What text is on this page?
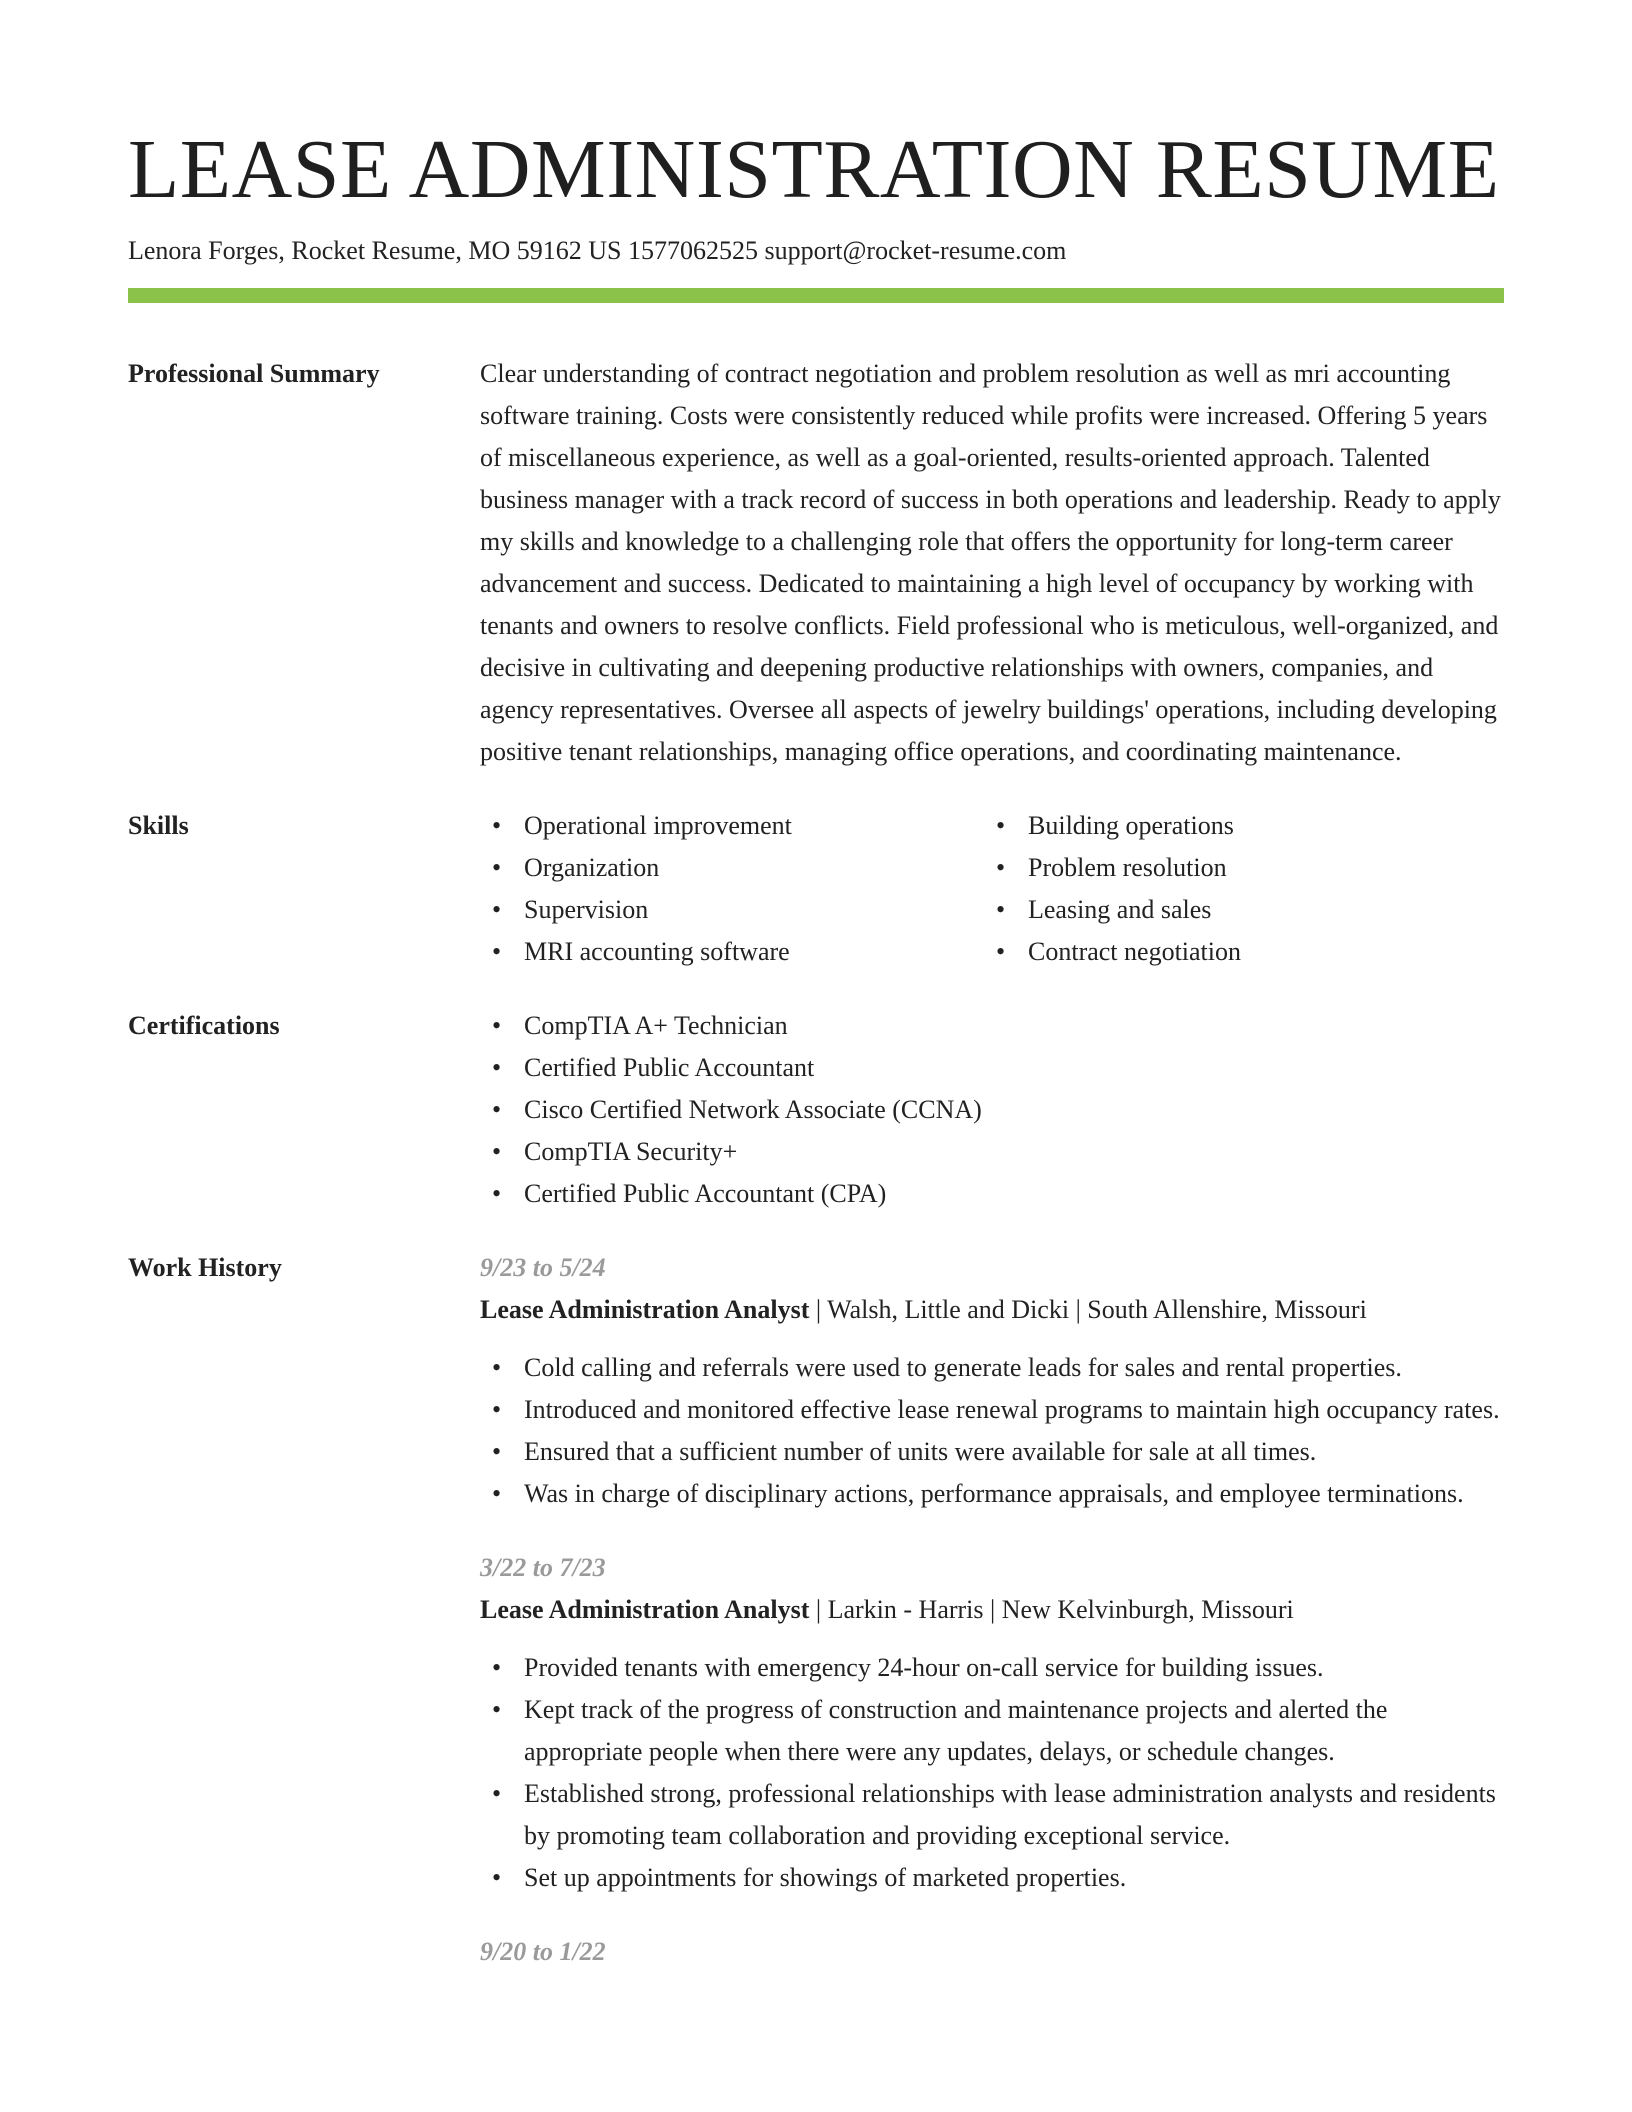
LEASE ADMINISTRATION RESUME
Lenora Forges, Rocket Resume, MO 59162 US 1577062525 support@rocket-resume.com
Professional Summary	Clear understanding of contract negotiation and problem resolution as well as mri accounting software training. Costs were consistently reduced while profits were increased. Offering 5 years of miscellaneous experience, as well as a goal-oriented, results-oriented approach. Talented business manager with a track record of success in both operations and leadership. Ready to apply my skills and knowledge to a challenging role that offers the opportunity for long-term career advancement and success. Dedicated to maintaining a high level of occupancy by working with tenants and owners to resolve conflicts. Field professional who is meticulous, well-organized, and decisive in cultivating and deepening productive relationships with owners, companies, and agency representatives. Oversee all aspects of jewelry buildings' operations, including developing positive tenant relationships, managing office operations, and coordinating maintenance.
Skills	• Operational improvement
• Organization
• Supervision
• MRI accounting software
• Building operations
• Problem resolution
• Leasing and sales
• Contract negotiation
Certifications	• CompTIA A+ Technician
• Certified Public Accountant
• Cisco Certified Network Associate (CCNA)
• CompTIA Security+
• Certified Public Accountant (CPA)
Work History	9/23 to 5/24
Lease Administration Analyst | Walsh, Little and Dicki | South Allenshire, Missouri
• Cold calling and referrals were used to generate leads for sales and rental properties.
• Introduced and monitored effective lease renewal programs to maintain high occupancy rates.
• Ensured that a sufficient number of units were available for sale at all times.
• Was in charge of disciplinary actions, performance appraisals, and employee terminations.
3/22 to 7/23
Lease Administration Analyst | Larkin - Harris | New Kelvinburgh, Missouri
• Provided tenants with emergency 24-hour on-call service for building issues.
• Kept track of the progress of construction and maintenance projects and alerted the appropriate people when there were any updates, delays, or schedule changes.
• Established strong, professional relationships with lease administration analysts and residents by promoting team collaboration and providing exceptional service.
• Set up appointments for showings of marketed properties.
9/20 to 1/22
